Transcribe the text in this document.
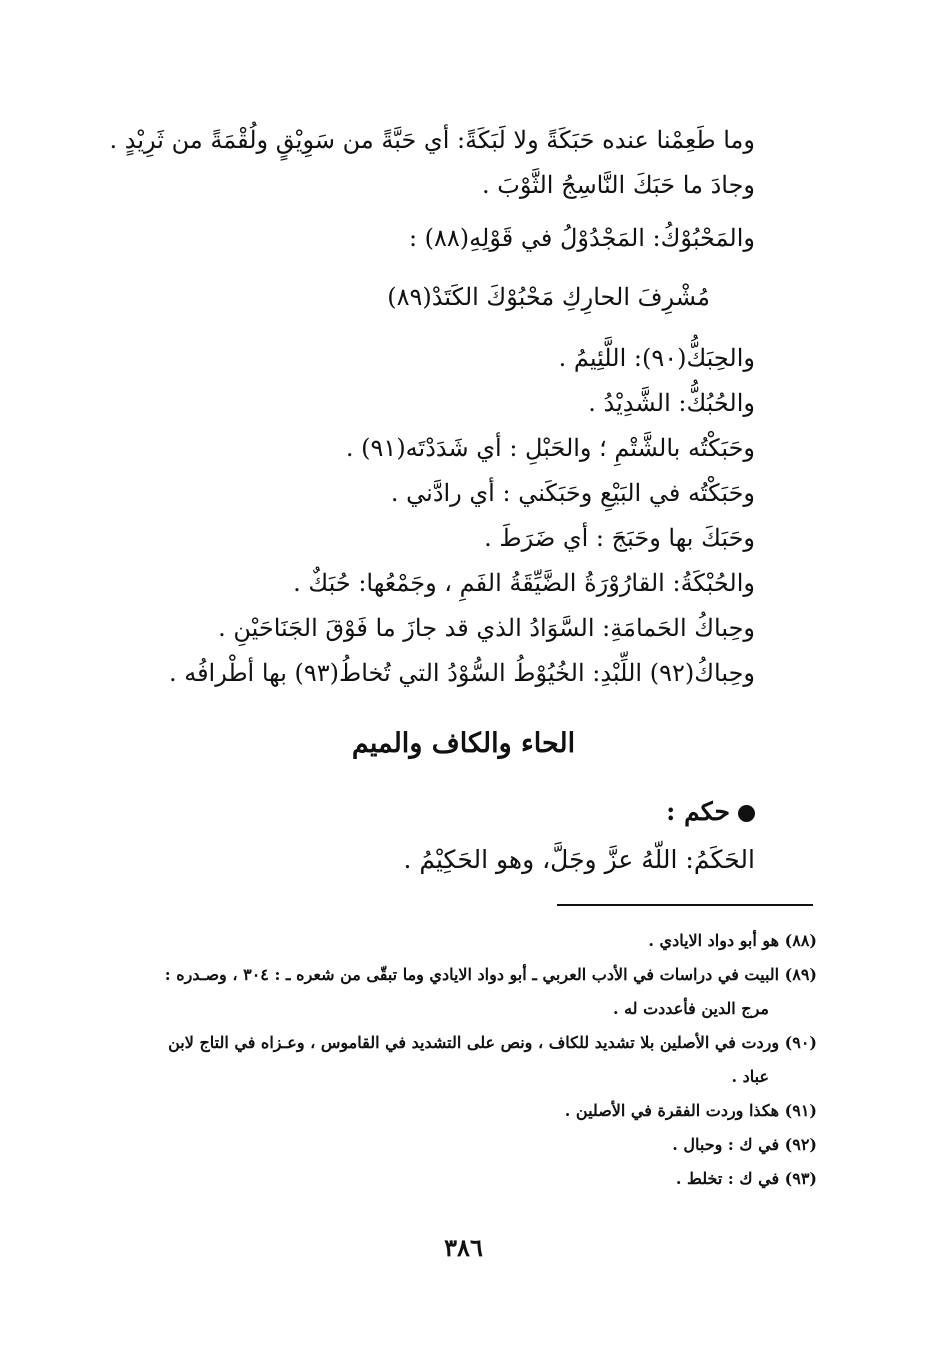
وما طَعِمْنا عنده حَبَكَةً ولا لَبَكَةً: أي حَبَّةً من سَوِيْقٍ ولُقْمَةً من ثَرِيْدٍ .
وجادَ ما حَبَكَ النَّاسِجُ الثَّوْبَ .
والمَحْبُوْكُ: المَجْدُوْلُ في قَوْلِهِ(٨٨) :
مُشْرِفَ الحارِكِ مَحْبُوْكَ الكَتَدْ(٨٩)
والحِبَكُّ(٩٠): اللَّئِيمُ .
والحُبُكُّ: الشَّدِيْدُ .
وحَبَكْتُه بالشَّتْمِ ؛ والحَبْلِ : أي شَدَدْتَه(٩١) .
وحَبَكْتُه في البَيْعِ وحَبَكَني : أي رادَّني .
وحَبَكَ بها وحَبَجَ : أي ضَرَطَ .
والحُبْكَةُ: القارُوْرَةُ الضَّيِّقَةُ الفَمِ ، وجَمْعُها: حُبَكٌ .
وحِباكُ الحَمامَةِ: السَّوَادُ الذي قد جازَ ما فَوْقَ الجَنَاحَيْنِ .
وحِباكُ(٩٢) اللِّبْدِ: الخُيُوْطُ السُّوْدُ التي تُخاطُ(٩٣) بها أطْرافُه .
الحاء والكاف والميم
حكم :
الحَكَمُ: اللّهُ عزَّ وجَلَّ، وهو الحَكِيْمُ .
(٨٨) هو أبو دواد الايادي .
(٨٩) البيت في دراسات في الأدب العربي ـ أبو دواد الايادي وما تبقّى من شعره ـ : ٣٠٤ ، وصـدره :
مرج الدين فأعددت له .
(٩٠) وردت في الأصلين بلا تشديد للكاف ، ونص على التشديد في القاموس ، وعـزاه في التاج لابن
عباد .
(٩١) هكذا وردت الفقرة في الأصلين .
(٩٢) في ك : وحبال .
(٩٣) في ك : تخلط .
٣٨٦
